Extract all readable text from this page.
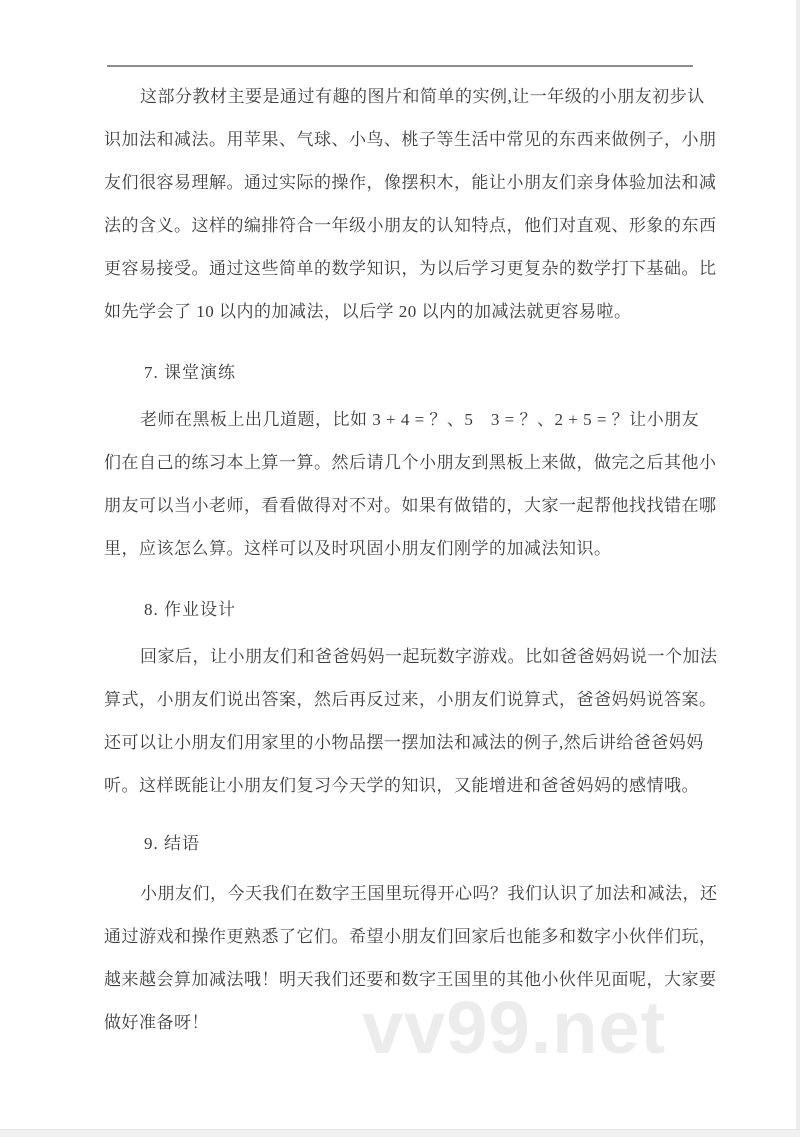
这部分教材主要是通过有趣的图片和简单的实例,让一年级的小朋友初步认
识加法和减法。用苹果、气球、小鸟、桃子等生活中常见的东西来做例子，小朋
友们很容易理解。通过实际的操作，像摆积木，能让小朋友们亲身体验加法和减
法的含义。这样的编排符合一年级小朋友的认知特点，他们对直观、形象的东西
更容易接受。通过这些简单的数学知识，为以后学习更复杂的数学打下基础。比
如先学会了 10 以内的加减法，以后学 20 以内的加减法就更容易啦。
7. 课堂演练
老师在黑板上出几道题，比如 3 + 4 = ？、5　3 = ？、2 + 5 = ？让小朋友
们在自己的练习本上算一算。然后请几个小朋友到黑板上来做，做完之后其他小
朋友可以当小老师，看看做得对不对。如果有做错的，大家一起帮他找找错在哪
里，应该怎么算。这样可以及时巩固小朋友们刚学的加减法知识。
8. 作业设计
回家后，让小朋友们和爸爸妈妈一起玩数字游戏。比如爸爸妈妈说一个加法
算式，小朋友们说出答案，然后再反过来，小朋友们说算式，爸爸妈妈说答案。
还可以让小朋友们用家里的小物品摆一摆加法和减法的例子,然后讲给爸爸妈妈
听。这样既能让小朋友们复习今天学的知识，又能增进和爸爸妈妈的感情哦。
9. 结语
小朋友们，今天我们在数字王国里玩得开心吗？我们认识了加法和减法，还
通过游戏和操作更熟悉了它们。希望小朋友们回家后也能多和数字小伙伴们玩，
越来越会算加减法哦！明天我们还要和数字王国里的其他小伙伴见面呢，大家要
做好准备呀！	vv99.net
